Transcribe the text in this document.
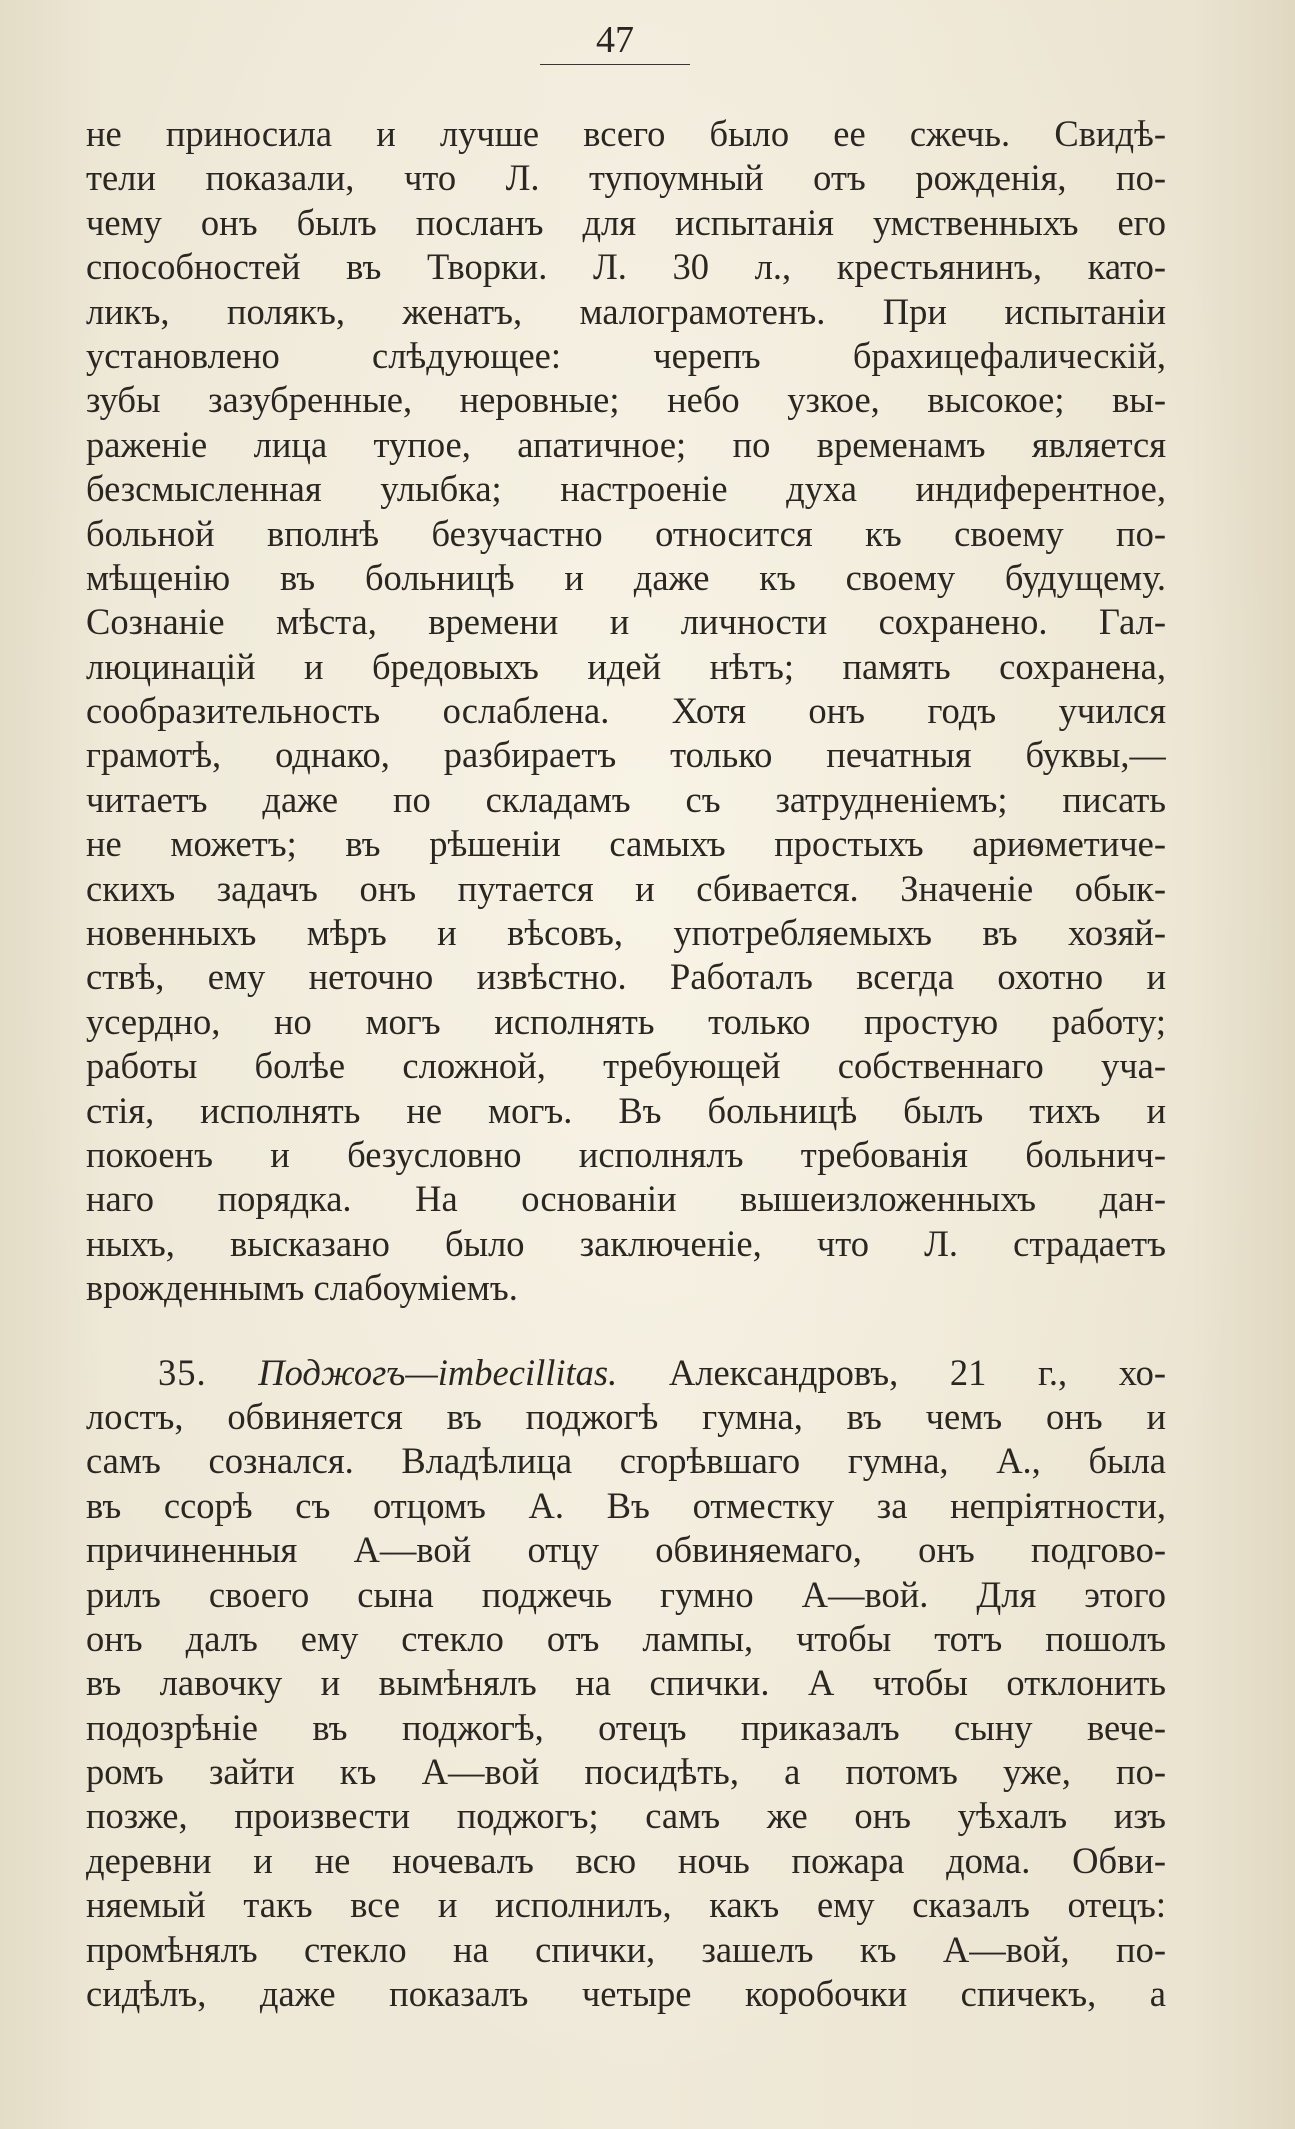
47
не приносила и лучше всего было ее сжечь. Свидѣ-
тели показали, что Л. тупоумный отъ рожденія, по-
чему онъ былъ посланъ для испытанія умственныхъ его
способностей въ Творки. Л. 30 л., крестьянинъ, като-
ликъ, полякъ, женатъ, малограмотенъ. При испытаніи
установлено слѣдующее: черепъ брахицефалическій,
зубы зазубренные, неровные; небо узкое, высокое; вы-
раженіе лица тупое, апатичное; по временамъ является
безсмысленная улыбка; настроеніе духа индиферентное,
больной вполнѣ безучастно относится къ своему по-
мѣщенію въ больницѣ и даже къ своему будущему.
Сознаніе мѣста, времени и личности сохранено. Гал-
люцинацій и бредовыхъ идей нѣтъ; память сохранена,
сообразительность ослаблена. Хотя онъ годъ учился
грамотѣ, однако, разбираетъ только печатныя буквы,—
читаетъ даже по складамъ съ затрудненіемъ; писать
не можетъ; въ рѣшеніи самыхъ простыхъ ариѳметиче-
скихъ задачъ онъ путается и сбивается. Значеніе обык-
новенныхъ мѣръ и вѣсовъ, употребляемыхъ въ хозяй-
ствѣ, ему неточно извѣстно. Работалъ всегда охотно и
усердно, но могъ исполнять только простую работу;
работы болѣе сложной, требующей собственнаго уча-
стія, исполнять не могъ. Въ больницѣ былъ тихъ и
покоенъ и безусловно исполнялъ требованія больнич-
наго порядка. На основаніи вышеизложенныхъ дан-
ныхъ, высказано было заключеніе, что Л. страдаетъ
врожденнымъ слабоуміемъ.
35. Поджогъ—imbecillitas. Александровъ, 21 г., хо-
лостъ, обвиняется въ поджогѣ гумна, въ чемъ онъ и
самъ сознался. Владѣлица сгорѣвшаго гумна, А., была
въ ссорѣ съ отцомъ А. Въ отместку за непріятности,
причиненныя А—вой отцу обвиняемаго, онъ подгово-
рилъ своего сына поджечь гумно А—вой. Для этого
онъ далъ ему стекло отъ лампы, чтобы тотъ пошолъ
въ лавочку и вымѣнялъ на спички. А чтобы отклонить
подозрѣніе въ поджогѣ, отецъ приказалъ сыну вече-
ромъ зайти къ А—вой посидѣть, а потомъ уже, по-
позже, произвести поджогъ; самъ же онъ уѣхалъ изъ
деревни и не ночевалъ всю ночь пожара дома. Обви-
няемый такъ все и исполнилъ, какъ ему сказалъ отецъ:
промѣнялъ стекло на спички, зашелъ къ А—вой, по-
сидѣлъ, даже показалъ четыре коробочки спичекъ, а
